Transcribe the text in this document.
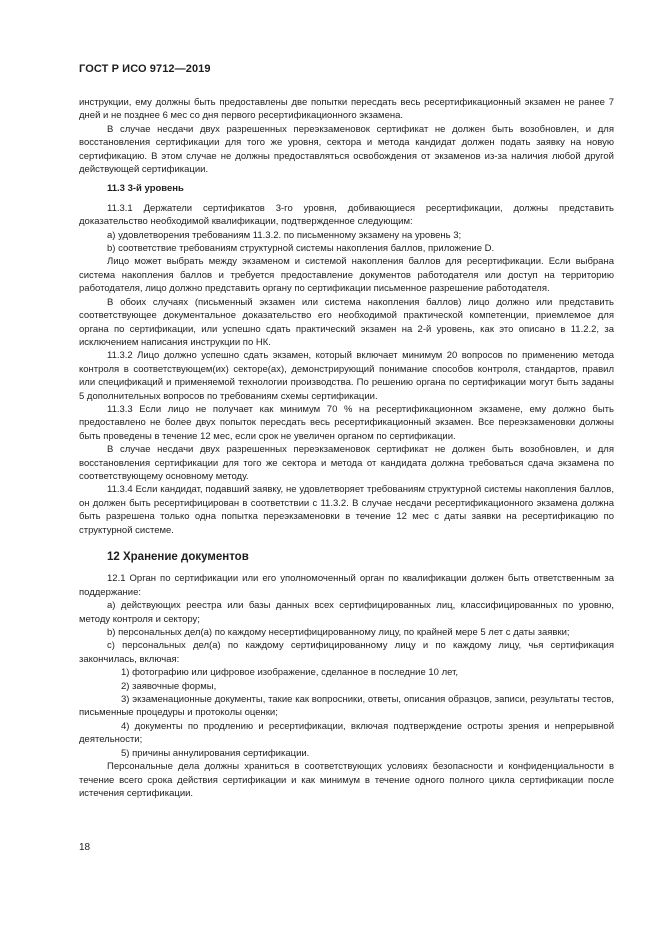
ГОСТ Р ИСО 9712—2019

инструкции, ему должны быть предоставлены две попытки пересдать весь ресертификационный экзамен не ранее 7 дней и не позднее 6 мес со дня первого ресертификационного экзамена.

В случае несдачи двух разрешенных переэкзаменовок сертификат не должен быть возобновлен, и для восстановления сертификации для того же уровня, сектора и метода кандидат должен подать заявку на новую сертификацию. В этом случае не должны предоставляться освобождения от экзаменов из-за наличия любой другой действующей сертификации.

11.3 3-й уровень

11.3.1 Держатели сертификатов 3-го уровня, добивающиеся ресертификации, должны представить доказательство необходимой квалификации, подтвержденное следующим:

a) удовлетворения требованиям 11.3.2. по письменному экзамену на уровень 3;

b) соответствие требованиям структурной системы накопления баллов, приложение D.

Лицо может выбрать между экзаменом и системой накопления баллов для ресертификации. Если выбрана система накопления баллов и требуется предоставление документов работодателя или доступ на территорию работодателя, лицо должно представить органу по сертификации письменное разрешение работодателя.

В обоих случаях (письменный экзамен или система накопления баллов) лицо должно или представить соответствующее документальное доказательство его необходимой практической компетенции, приемлемое для органа по сертификации, или успешно сдать практический экзамен на 2-й уровень, как это описано в 11.2.2, за исключением написания инструкции по НК.

11.3.2 Лицо должно успешно сдать экзамен, который включает минимум 20 вопросов по применению метода контроля в соответствующем(их) секторе(ах), демонстрирующий понимание способов контроля, стандартов, правил или спецификаций и применяемой технологии производства. По решению органа по сертификации могут быть заданы 5 дополнительных вопросов по требованиям схемы сертификации.

11.3.3 Если лицо не получает как минимум 70 % на ресертификационном экзамене, ему должно быть предоставлено не более двух попыток пересдать весь ресертификационный экзамен. Все переэкзаменовки должны быть проведены в течение 12 мес, если срок не увеличен органом по сертификации.

В случае несдачи двух разрешенных переэкзаменовок сертификат не должен быть возобновлен, и для восстановления сертификации для того же сектора и метода от кандидата должна требоваться сдача экзамена по соответствующему основному методу.

11.3.4 Если кандидат, подавший заявку, не удовлетворяет требованиям структурной системы накопления баллов, он должен быть ресертифицирован в соответствии с 11.3.2. В случае несдачи ресертификационного экзамена должна быть разрешена только одна попытка переэкзаменовки в течение 12 мес с даты заявки на ресертификацию по структурной системе.

12 Хранение документов

12.1 Орган по сертификации или его уполномоченный орган по квалификации должен быть ответственным за поддержание:

a) действующих реестра или базы данных всех сертифицированных лиц, классифицированных по уровню, методу контроля и сектору;

b) персональных дел(a) по каждому несертифицированному лицу, по крайней мере 5 лет с даты заявки;

c) персональных дел(a) по каждому сертифицированному лицу и по каждому лицу, чья сертификация закончилась, включая:

1) фотографию или цифровое изображение, сделанное в последние 10 лет,

2) заявочные формы,

3) экзаменационные документы, такие как вопросники, ответы, описания образцов, записи, результаты тестов, письменные процедуры и протоколы оценки;

4) документы по продлению и ресертификации, включая подтверждение остроты зрения и непрерывной деятельности;

5) причины аннулирования сертификации.

Персональные дела должны храниться в соответствующих условиях безопасности и конфиденциальности в течение всего срока действия сертификации и как минимум в течение одного полного цикла сертификации после истечения сертификации.

18
